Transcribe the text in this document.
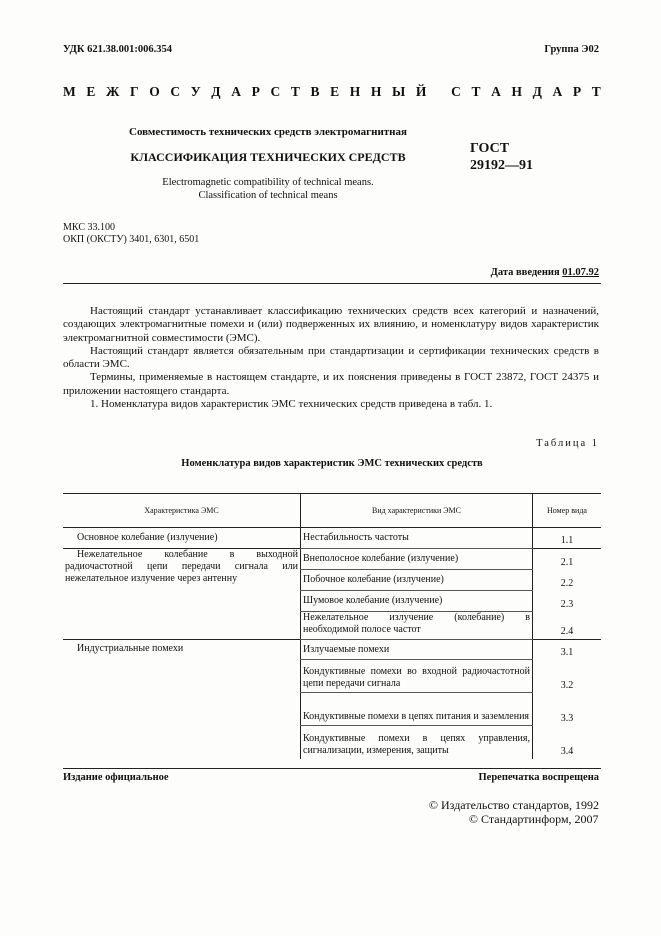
УДК 621.38.001:006.354	Группа Э02
М Е Ж Г О С У Д А Р С Т В Е Н Н Ы Й
С Т А Н Д А Р Т
Совместимость технических средств электромагнитная
КЛАССИФИКАЦИЯ ТЕХНИЧЕСКИХ СРЕДСТВ
ГОСТ
29192—91
Electromagnetic compatibility of technical means.
Classification of technical means
МКС 33.100
ОКП (ОКСТУ) 3401, 6301, 6501
Дата введения 01.07.92

Настоящий стандарт устанавливает классификацию технических средств всех категорий и назначений, создающих электромагнитные помехи и (или) подверженных их влиянию, и номенклатуру видов характеристик электромагнитной совместимости (ЭМС).

Настоящий стандарт является обязательным при стандартизации и сертификации технических средств в области ЭМС.

Термины, применяемые в настоящем стандарте, и их пояснения приведены в ГОСТ 23872, ГОСТ 24375 и приложении настоящего стандарта.

1. Номенклатура видов характеристик ЭМС технических средств приведена в табл. 1.

Таблица 1
Номенклатура видов характеристик ЭМС технических средств
Характеристика ЭМС	Вид характеристики ЭМС	Номер вида
Основное колебание (излучение)	Нестабильность частоты	1.1
Нежелательное колебание в выходной радиочастотной цепи передачи сигнала или нежелательное излучение через антенну	Внеполосное колебание (излучение)	2.1
	Побочное колебание (излучение)	2.2
	Шумовое колебание (излучение)	2.3
	Нежелательное излучение (колебание) в необходимой полосе частот	2.4
Индустриальные помехи	Излучаемые помехи	3.1
	Кондуктивные помехи во входной радиочастотной цепи передачи сигнала	3.2
	Кондуктивные помехи в цепях питания и заземления	3.3
	Кондуктивные помехи в цепях управления, сигнализации, измерения, защиты	3.4
Издание официальное	Перепечатка воспрещена
© Издательство стандартов, 1992
© Стандартинформ, 2007
